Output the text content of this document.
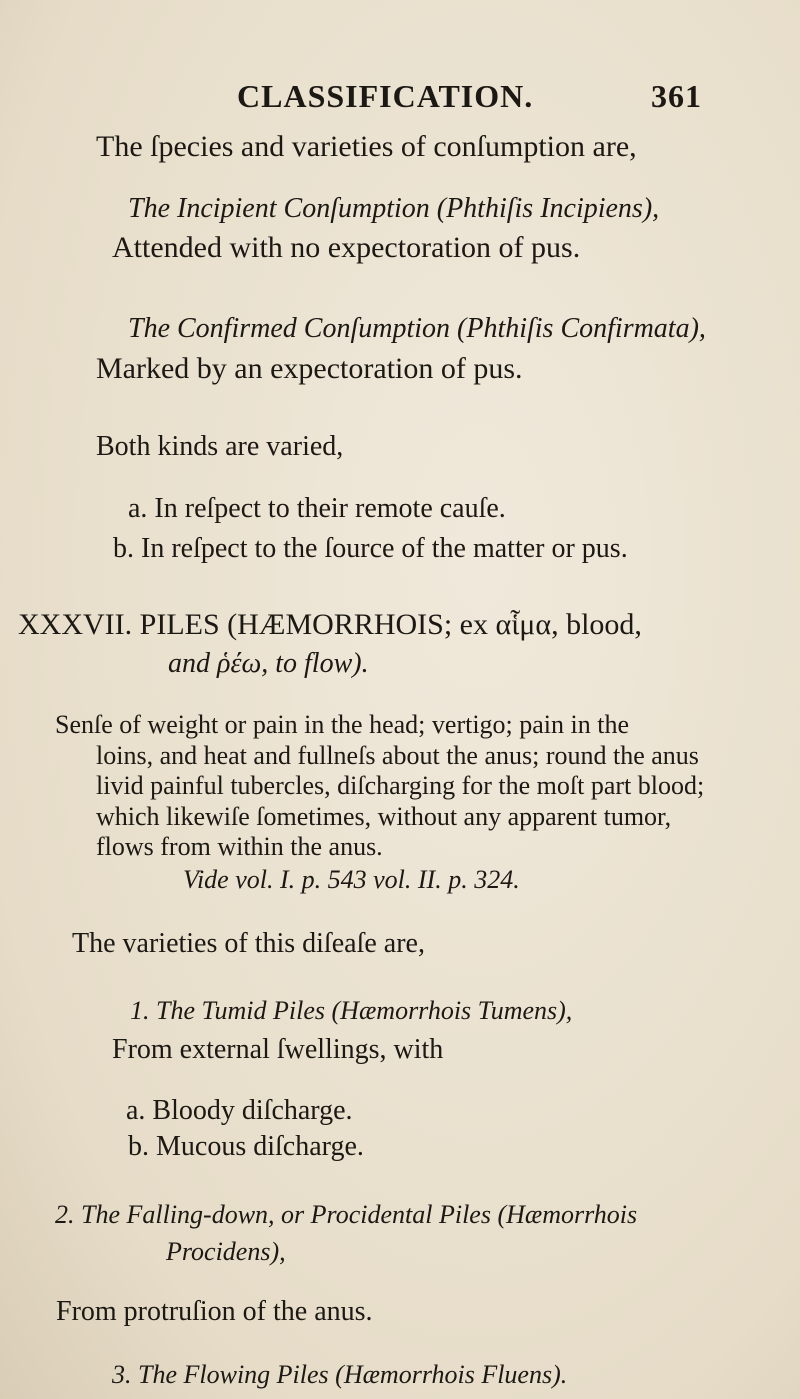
CLASSIFICATION.	361
The ſpecies and varieties of conſumption are,
The Incipient Conſumption (Phthiſis Incipiens),
Attended with no expectoration of pus.
The Confirmed Conſumption (Phthiſis Confirmata),
Marked by an expectoration of pus.
Both kinds are varied,
a. In reſpect to their remote cauſe.
b. In reſpect to the ſource of the matter or pus.
XXXVII. PILES (HÆMORRHOIS; ex αἷμα, blood,
and ῥέω, to flow).
Senſe of weight or pain in the head; vertigo; pain in the
loins, and heat and fullneſs about the anus; round the anus
livid painful tubercles, diſcharging for the moſt part blood;
which likewiſe ſometimes, without any apparent tumor,
flows from within the anus.
Vide vol. I. p. 543 vol. II. p. 324.
The varieties of this diſeaſe are,
1. The Tumid Piles (Hæmorrhois Tumens),
From external ſwellings, with
a. Bloody diſcharge.
b. Mucous diſcharge.
2. The Falling-down, or Procidental Piles (Hæmorrhois
Procidens),
From protruſion of the anus.
3. The Flowing Piles (Hæmorrhois Fluens).
